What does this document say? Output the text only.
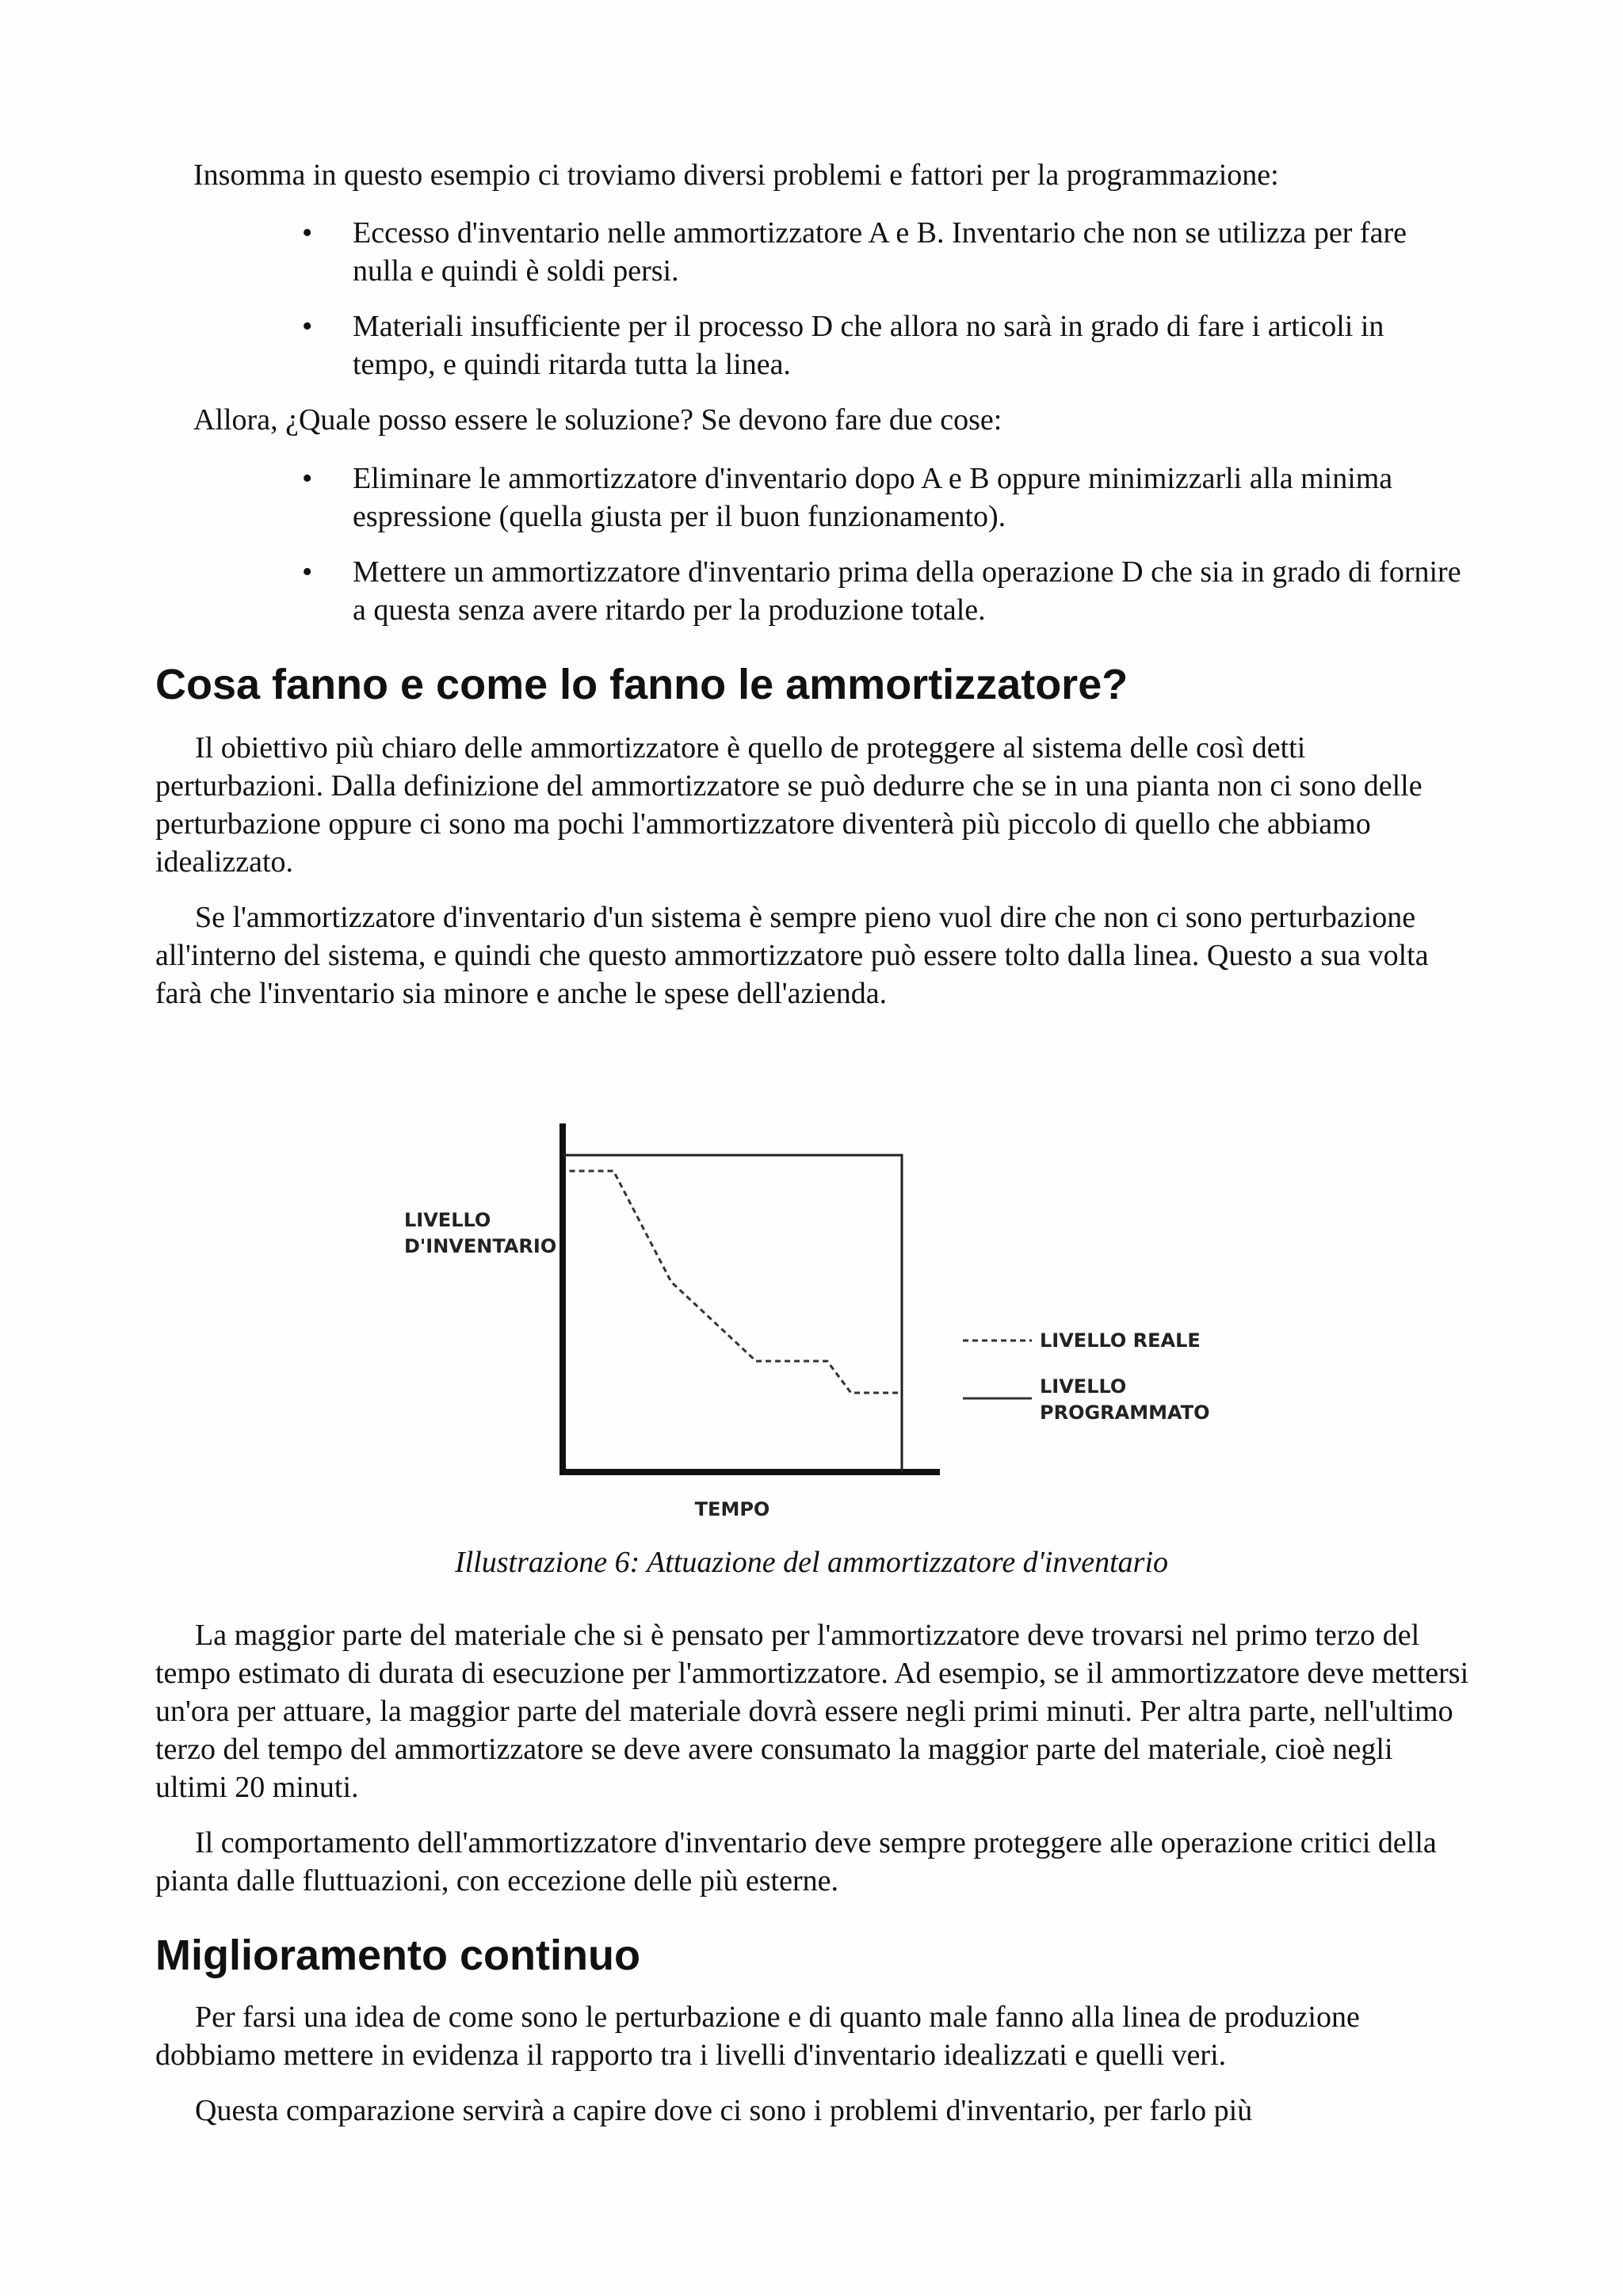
Insomma in questo esempio ci troviamo diversi problemi e fattori per la programmazione:

• Eccesso d'inventario nelle ammortizzatore A e B. Inventario che non se utilizza per fare nulla e quindi è soldi persi.

• Materiali insufficiente per il processo D che allora no sarà in grado di fare i articoli in tempo, e quindi ritarda tutta la linea.

Allora, ¿Quale posso essere le soluzione? Se devono fare due cose:

• Eliminare le ammortizzatore d'inventario dopo A e B oppure minimizzarli alla minima espressione (quella giusta per il buon funzionamento).

• Mettere un ammortizzatore d'inventario prima della operazione D che sia in grado di fornire a questa senza avere ritardo per la produzione totale.

Cosa fanno e come lo fanno le ammortizzatore?

Il obiettivo più chiaro delle ammortizzatore è quello de proteggere al sistema delle così detti perturbazioni. Dalla definizione del ammortizzatore se può dedurre che se in una pianta non ci sono delle perturbazione oppure ci sono ma pochi l'ammortizzatore diventerà più piccolo di quello che abbiamo idealizzato.

Se l'ammortizzatore d'inventario d'un sistema è sempre pieno vuol dire che non ci sono perturbazione all'interno del sistema, e quindi che questo ammortizzatore può essere tolto dalla linea. Questo a sua volta farà che l'inventario sia minore e anche le spese dell'azienda.

LIVELLO
D'INVENTARIO
TEMPO
LIVELLO REALE
LIVELLO
PROGRAMMATO

Illustrazione 6: Attuazione del ammortizzatore d'inventario

La maggior parte del materiale che si è pensato per l'ammortizzatore deve trovarsi nel primo terzo del tempo estimato di durata di esecuzione per l'ammortizzatore. Ad esempio, se il ammortizzatore deve mettersi un'ora per attuare, la maggior parte del materiale dovrà essere negli primi minuti. Per altra parte, nell'ultimo terzo del tempo del ammortizzatore se deve avere consumato la maggior parte del materiale, cioè negli ultimi 20 minuti.

Il comportamento dell'ammortizzatore d'inventario deve sempre proteggere alle operazione critici della pianta dalle fluttuazioni, con eccezione delle più esterne.

Miglioramento continuo

Per farsi una idea de come sono le perturbazione e di quanto male fanno alla linea de produzione dobbiamo mettere in evidenza il rapporto tra i livelli d'inventario idealizzati e quelli veri.

Questa comparazione servirà a capire dove ci sono i problemi d'inventario, per farlo più
